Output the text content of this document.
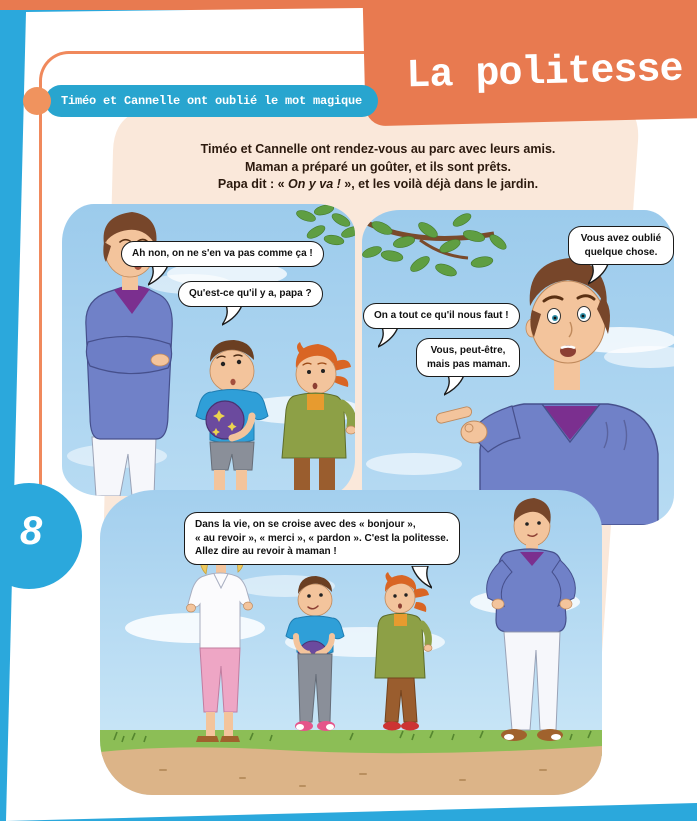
Ah non, on ne s'en va pas comme ça !
Qu'est-ce qu'il y a, papa ?
Vous avez oublié
quelque chose.
On a tout ce qu'il nous faut !
Vous, peut-être,
mais pas maman.
Dans la vie, on se croise avec des « bonjour »,
« au revoir », « merci », « pardon ». C'est la politesse.
Allez dire au revoir à maman !
La politesse
Timéo et Cannelle ont oublié le mot magique
Timéo et Cannelle ont rendez-vous au parc avec leurs amis.
Maman a préparé un goûter, et ils sont prêts.
Papa dit : « On y va ! », et les voilà déjà dans le jardin.
8
